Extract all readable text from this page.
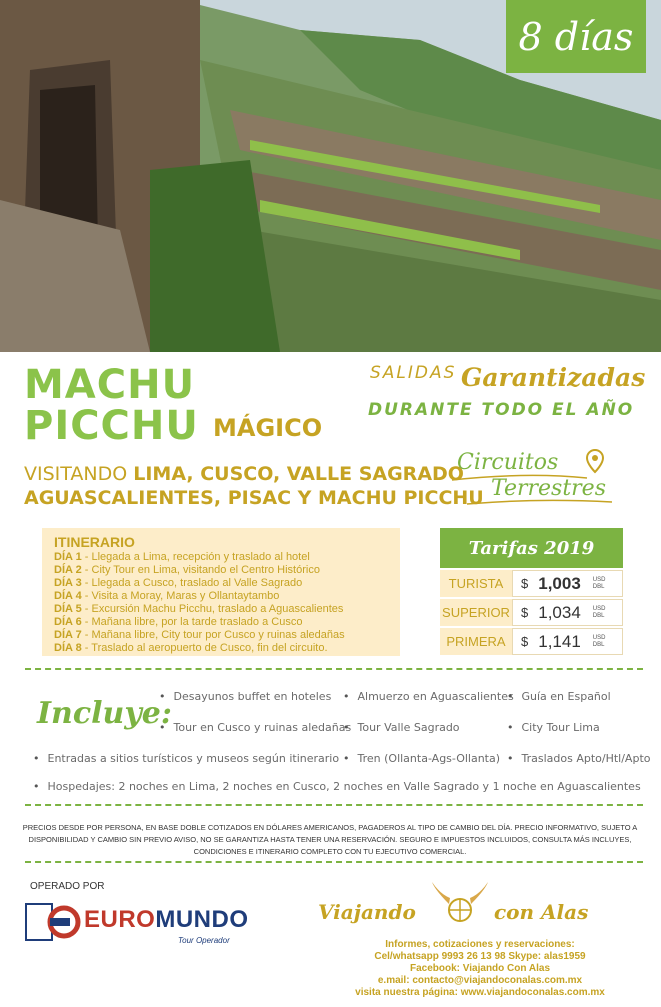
8 días
MACHU
PICCHU MÁGICO
SALIDAS Garantizadas
DURANTE TODO EL AÑO
VISITANDO LIMA, CUSCO, VALLE SAGRADO
AGUASCALIENTES, PISAC Y MACHU PICCHU
Circuitos
Terrestres
ITINERARIO
DÍA 1 - Llegada a Lima, recepción y traslado al hotel
DÍA 2 - City Tour en Lima, visitando el Centro Histórico
DÍA 3 - Llegada a Cusco, traslado al Valle Sagrado
DÍA 4 - Visita a Moray, Maras y Ollantaytambo
DÍA 5 - Excursión Machu Picchu, traslado a Aguascalientes
DÍA 6 - Mañana libre, por la tarde traslado a Cusco
DÍA 7 - Mañana libre, City tour por Cusco y ruinas aledañas
DÍA 8 - Traslado al aeropuerto de Cusco, fin del circuito.
Tarifas 2019
TURISTA	$ 1,003 USD
DBL
SUPERIOR $ 1,034 USD
DBL
PRIMERA	$ 1,141 USD
DBL
Incluye: • Desayunos buffet en hoteles	• Almuerzo en Aguascalientes • Guía en Español
• Tour en Cusco y ruinas aledañas • Tour Valle Sagrado	• City Tour Lima
• Entradas a sitios turísticos y museos según itinerario	• Tren (Ollanta-Ags-Ollanta)	• Traslados Apto/Htl/Apto
• Hospedajes: 2 noches en Lima, 2 noches en Cusco, 2 noches en Valle Sagrado y 1 noche en Aguascalientes
PRECIOS DESDE POR PERSONA, EN BASE DOBLE COTIZADOS EN DÓLARES AMERICANOS, PAGADEROS AL TIPO DE CAMBIO DEL DÍA. PRECIO INFORMATIVO, SUJETO A DISPONIBILIDAD Y CAMBIO SIN PREVIO AVISO, NO SE GARANTIZA HASTA TENER UNA RESERVACIÓN. SEGURO E IMPUESTOS INCLUIDOS, CONSULTA MÁS INCLUYES, CONDICIONES E ITINERARIO COMPLETO CON TU EJECUTIVO COMERCIAL.
OPERADO POR
EUROMUNDO
Tour Operador
Viajando	con Alas
Informes, cotizaciones y reservaciones:
Cel/whatsapp 9993 26 13 98 Skype: alas1959
Facebook: Viajando Con Alas
e.mail: contacto@viajandoconalas.com.mx
visita nuestra página: www.viajandoconalas.com.mx
